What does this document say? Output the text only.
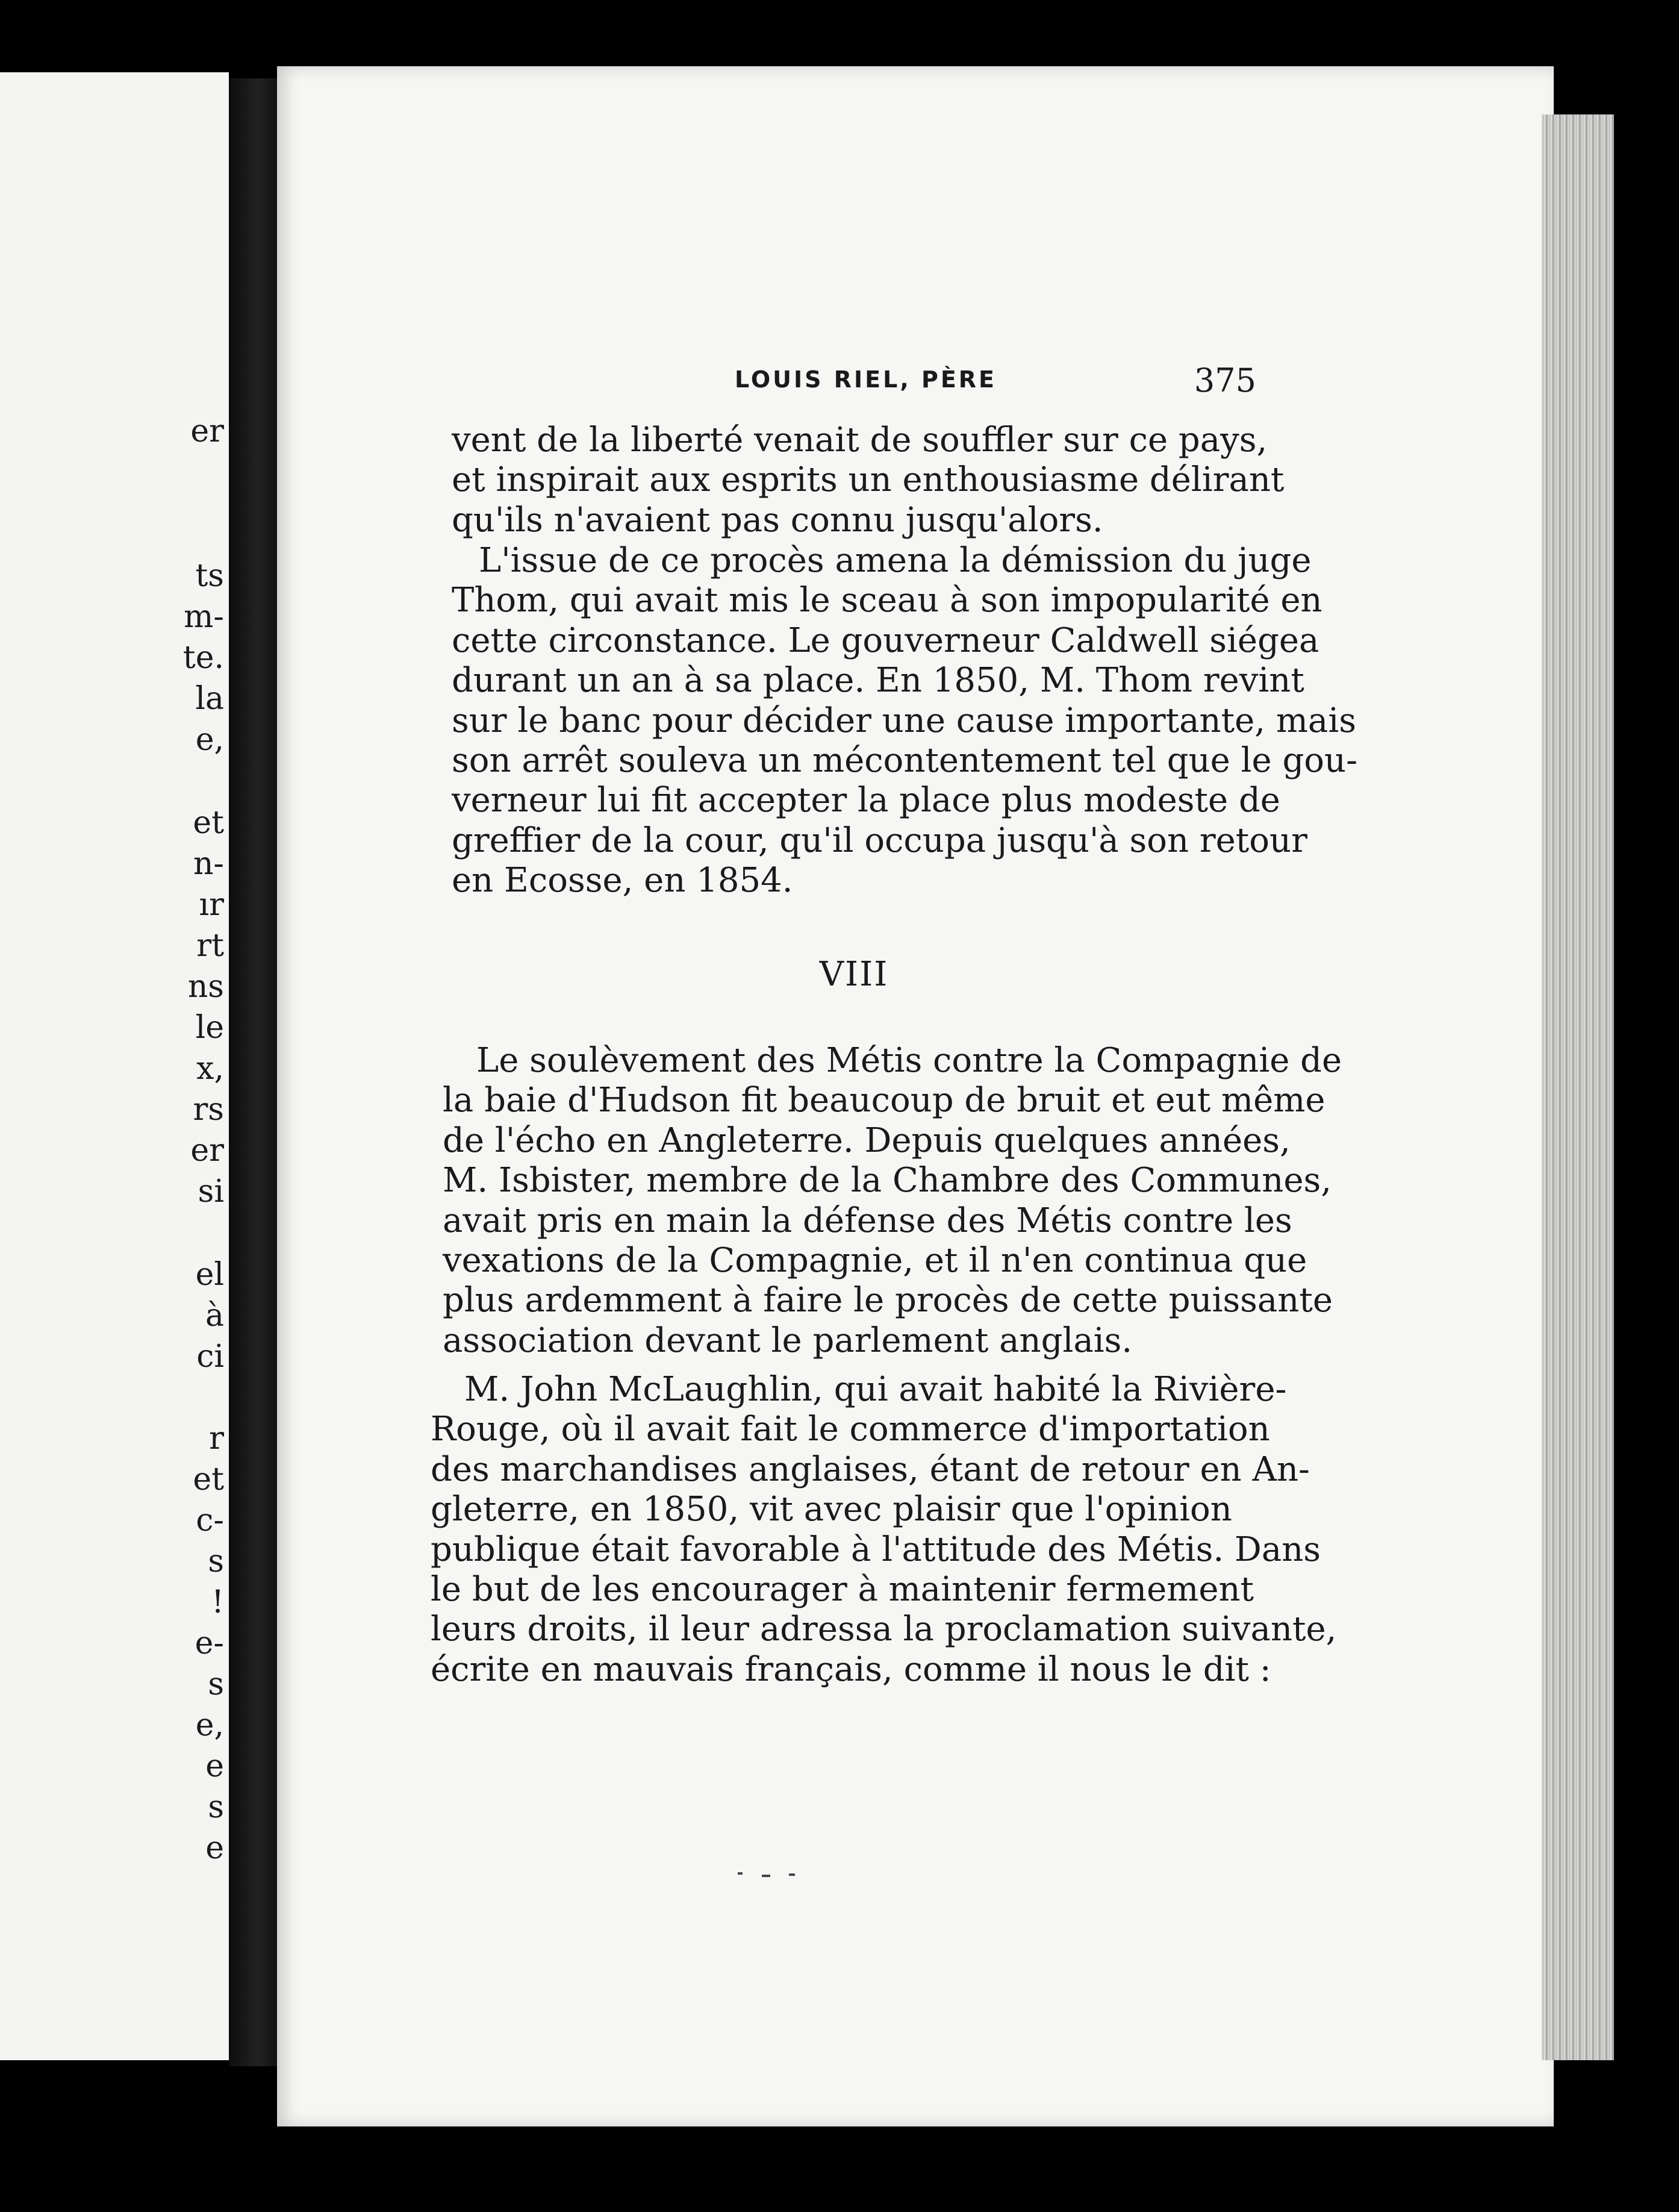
er
ts
m-
te.
la
e,
et
n-
ır
rt
ns
le
x,
rs
er
si
el
à
ci
r
et
c-
s
!
e-
s
e,
e
s
e
LOUIS RIEL, PÈRE	375
vent de la liberté venait de souffler sur ce pays,
et inspirait aux esprits un enthousiasme délirant
qu'ils n'avaient pas connu jusqu'alors.
L'issue de ce procès amena la démission du juge
Thom, qui avait mis le sceau à son impopularité en
cette circonstance. Le gouverneur Caldwell siégea
durant un an à sa place. En 1850, M. Thom revint
sur le banc pour décider une cause importante, mais
son arrêt souleva un mécontentement tel que le gou-
verneur lui fit accepter la place plus modeste de
greffier de la cour, qu'il occupa jusqu'à son retour
en Ecosse, en 1854.
VIII
Le soulèvement des Métis contre la Compagnie de
la baie d'Hudson fit beaucoup de bruit et eut même
de l'écho en Angleterre. Depuis quelques années,
M. Isbister, membre de la Chambre des Communes,
avait pris en main la défense des Métis contre les
vexations de la Compagnie, et il n'en continua que
plus ardemment à faire le procès de cette puissante
association devant le parlement anglais.
M. John McLaughlin, qui avait habité la Rivière-
Rouge, où il avait fait le commerce d'importation
des marchandises anglaises, étant de retour en An-
gleterre, en 1850, vit avec plaisir que l'opinion
publique était favorable à l'attitude des Métis. Dans
le but de les encourager à maintenir fermement
leurs droits, il leur adressa la proclamation suivante,
écrite en mauvais français, comme il nous le dit :
